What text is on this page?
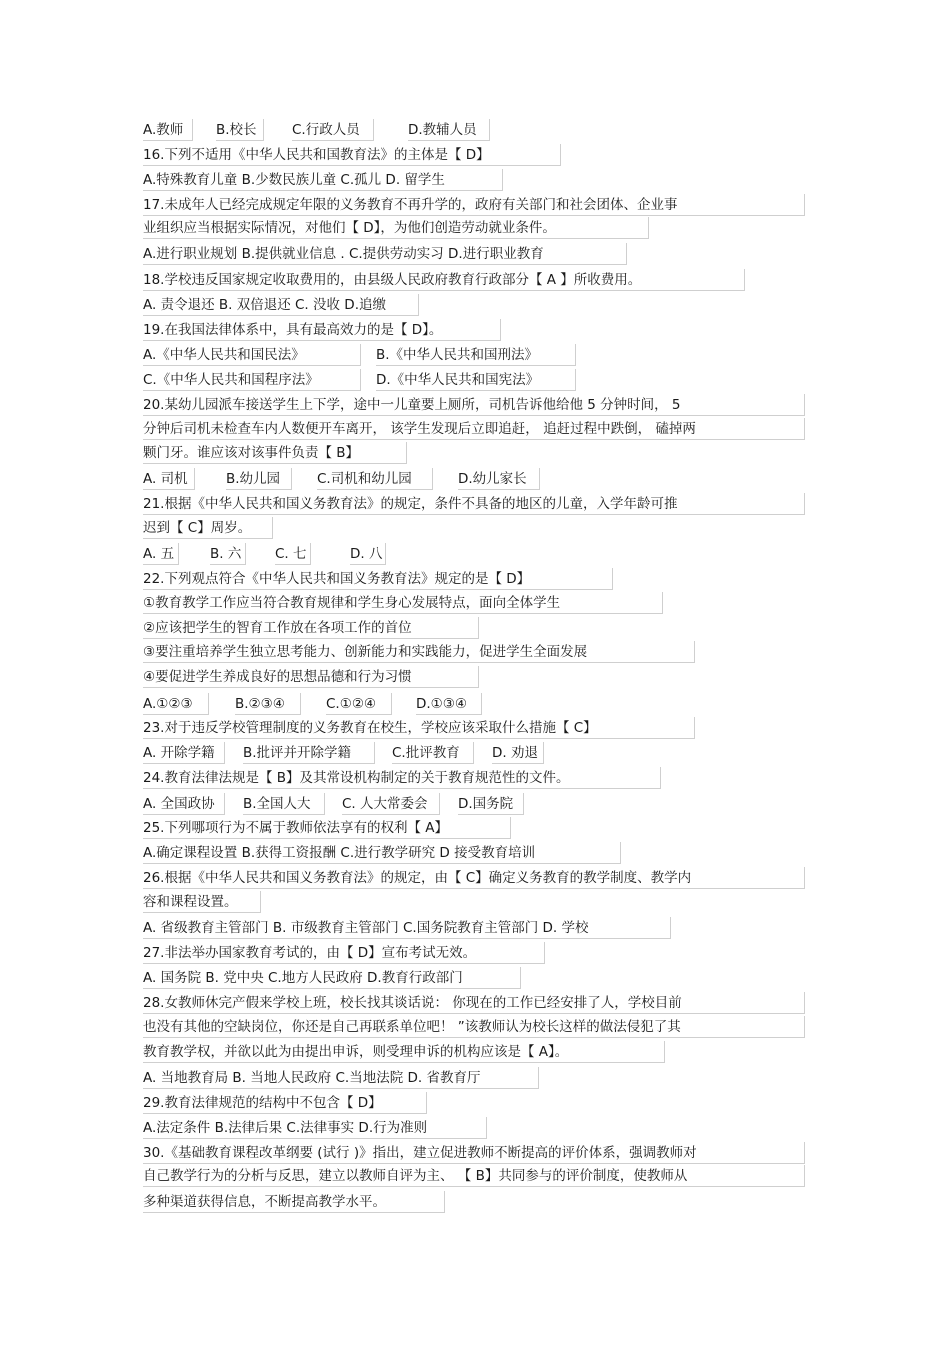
A.教师	B.校长	C.行政人员	D.教辅人员
16.下列不适用《中华人民共和国教育法》的主体是【 D】
A.特殊教育儿童 B.少数民族儿童 C.孤儿 D. 留学生
17.未成年人已经完成规定年限的义务教育不再升学的，政府有关部门和社会团体、企业事
业组织应当根据实际情况，对他们【 D】，为他们创造劳动就业条件。
A.进行职业规划 B.提供就业信息 . C.提供劳动实习 D.进行职业教育
18.学校违反国家规定收取费用的，由县级人民政府教育行政部分【 A 】所收费用。
A. 责令退还 B. 双倍退还 C. 没收 D.追缴
19.在我国法律体系中，具有最高效力的是【 D】。
A.《中华人民共和国民法》	B.《中华人民共和国刑法》
C.《中华人民共和国程序法》	D.《中华人民共和国宪法》
20.某幼儿园派车接送学生上下学，途中一儿童要上厕所，司机告诉他给他 5 分钟时间， 5
分钟后司机未检查车内人数便开车离开， 该学生发现后立即追赶， 追赶过程中跌倒， 磕掉两
颗门牙。谁应该对该事件负责【 B】
A. 司机	B.幼儿园	C.司机和幼儿园	D.幼儿家长
21.根据《中华人民共和国义务教育法》的规定，条件不具备的地区的儿童，入学年龄可推
迟到【 C】周岁。
A. 五	B. 六	C. 七	D. 八
22.下列观点符合《中华人民共和国义务教育法》规定的是【 D】
①教育教学工作应当符合教育规律和学生身心发展特点，面向全体学生
②应该把学生的智育工作放在各项工作的首位
③要注重培养学生独立思考能力、创新能力和实践能力，促进学生全面发展
④要促进学生养成良好的思想品德和行为习惯
A.①②③	B.②③④	C.①②④	D.①③④
23.对于违反学校管理制度的义务教育在校生，学校应该采取什么措施【 C】
A. 开除学籍	B.批评并开除学籍	C.批评教育	D. 劝退
24.教育法律法规是【 B】及其常设机构制定的关于教育规范性的文件。
A. 全国政协	B.全国人大	C. 人大常委会	D.国务院
25.下列哪项行为不属于教师依法享有的权利【 A】
A.确定课程设置 B.获得工资报酬 C.进行教学研究 D 接受教育培训
26.根据《中华人民共和国义务教育法》的规定，由【 C】确定义务教育的教学制度、教学内
容和课程设置。
A. 省级教育主管部门 B. 市级教育主管部门 C.国务院教育主管部门 D. 学校
27.非法举办国家教育考试的，由【 D】宣布考试无效。
A. 国务院 B. 党中央 C.地方人民政府 D.教育行政部门
28.女教师休完产假来学校上班，校长找其谈话说： 你现在的工作已经安排了人，学校目前
也没有其他的空缺岗位，你还是自己再联系单位吧！ ”该教师认为校长这样的做法侵犯了其
教育教学权，并欲以此为由提出申诉，则受理申诉的机构应该是【 A】。
A. 当地教育局 B. 当地人民政府 C.当地法院 D. 省教育厅
29.教育法律规范的结构中不包含【 D】
A.法定条件 B.法律后果 C.法律事实 D.行为准则
30.《基础教育课程改革纲要 (试行 )》指出，建立促进教师不断提高的评价体系，强调教师对
自己教学行为的分析与反思，建立以教师自评为主、 【 B】共同参与的评价制度，使教师从
多种渠道获得信息，不断提高教学水平。
